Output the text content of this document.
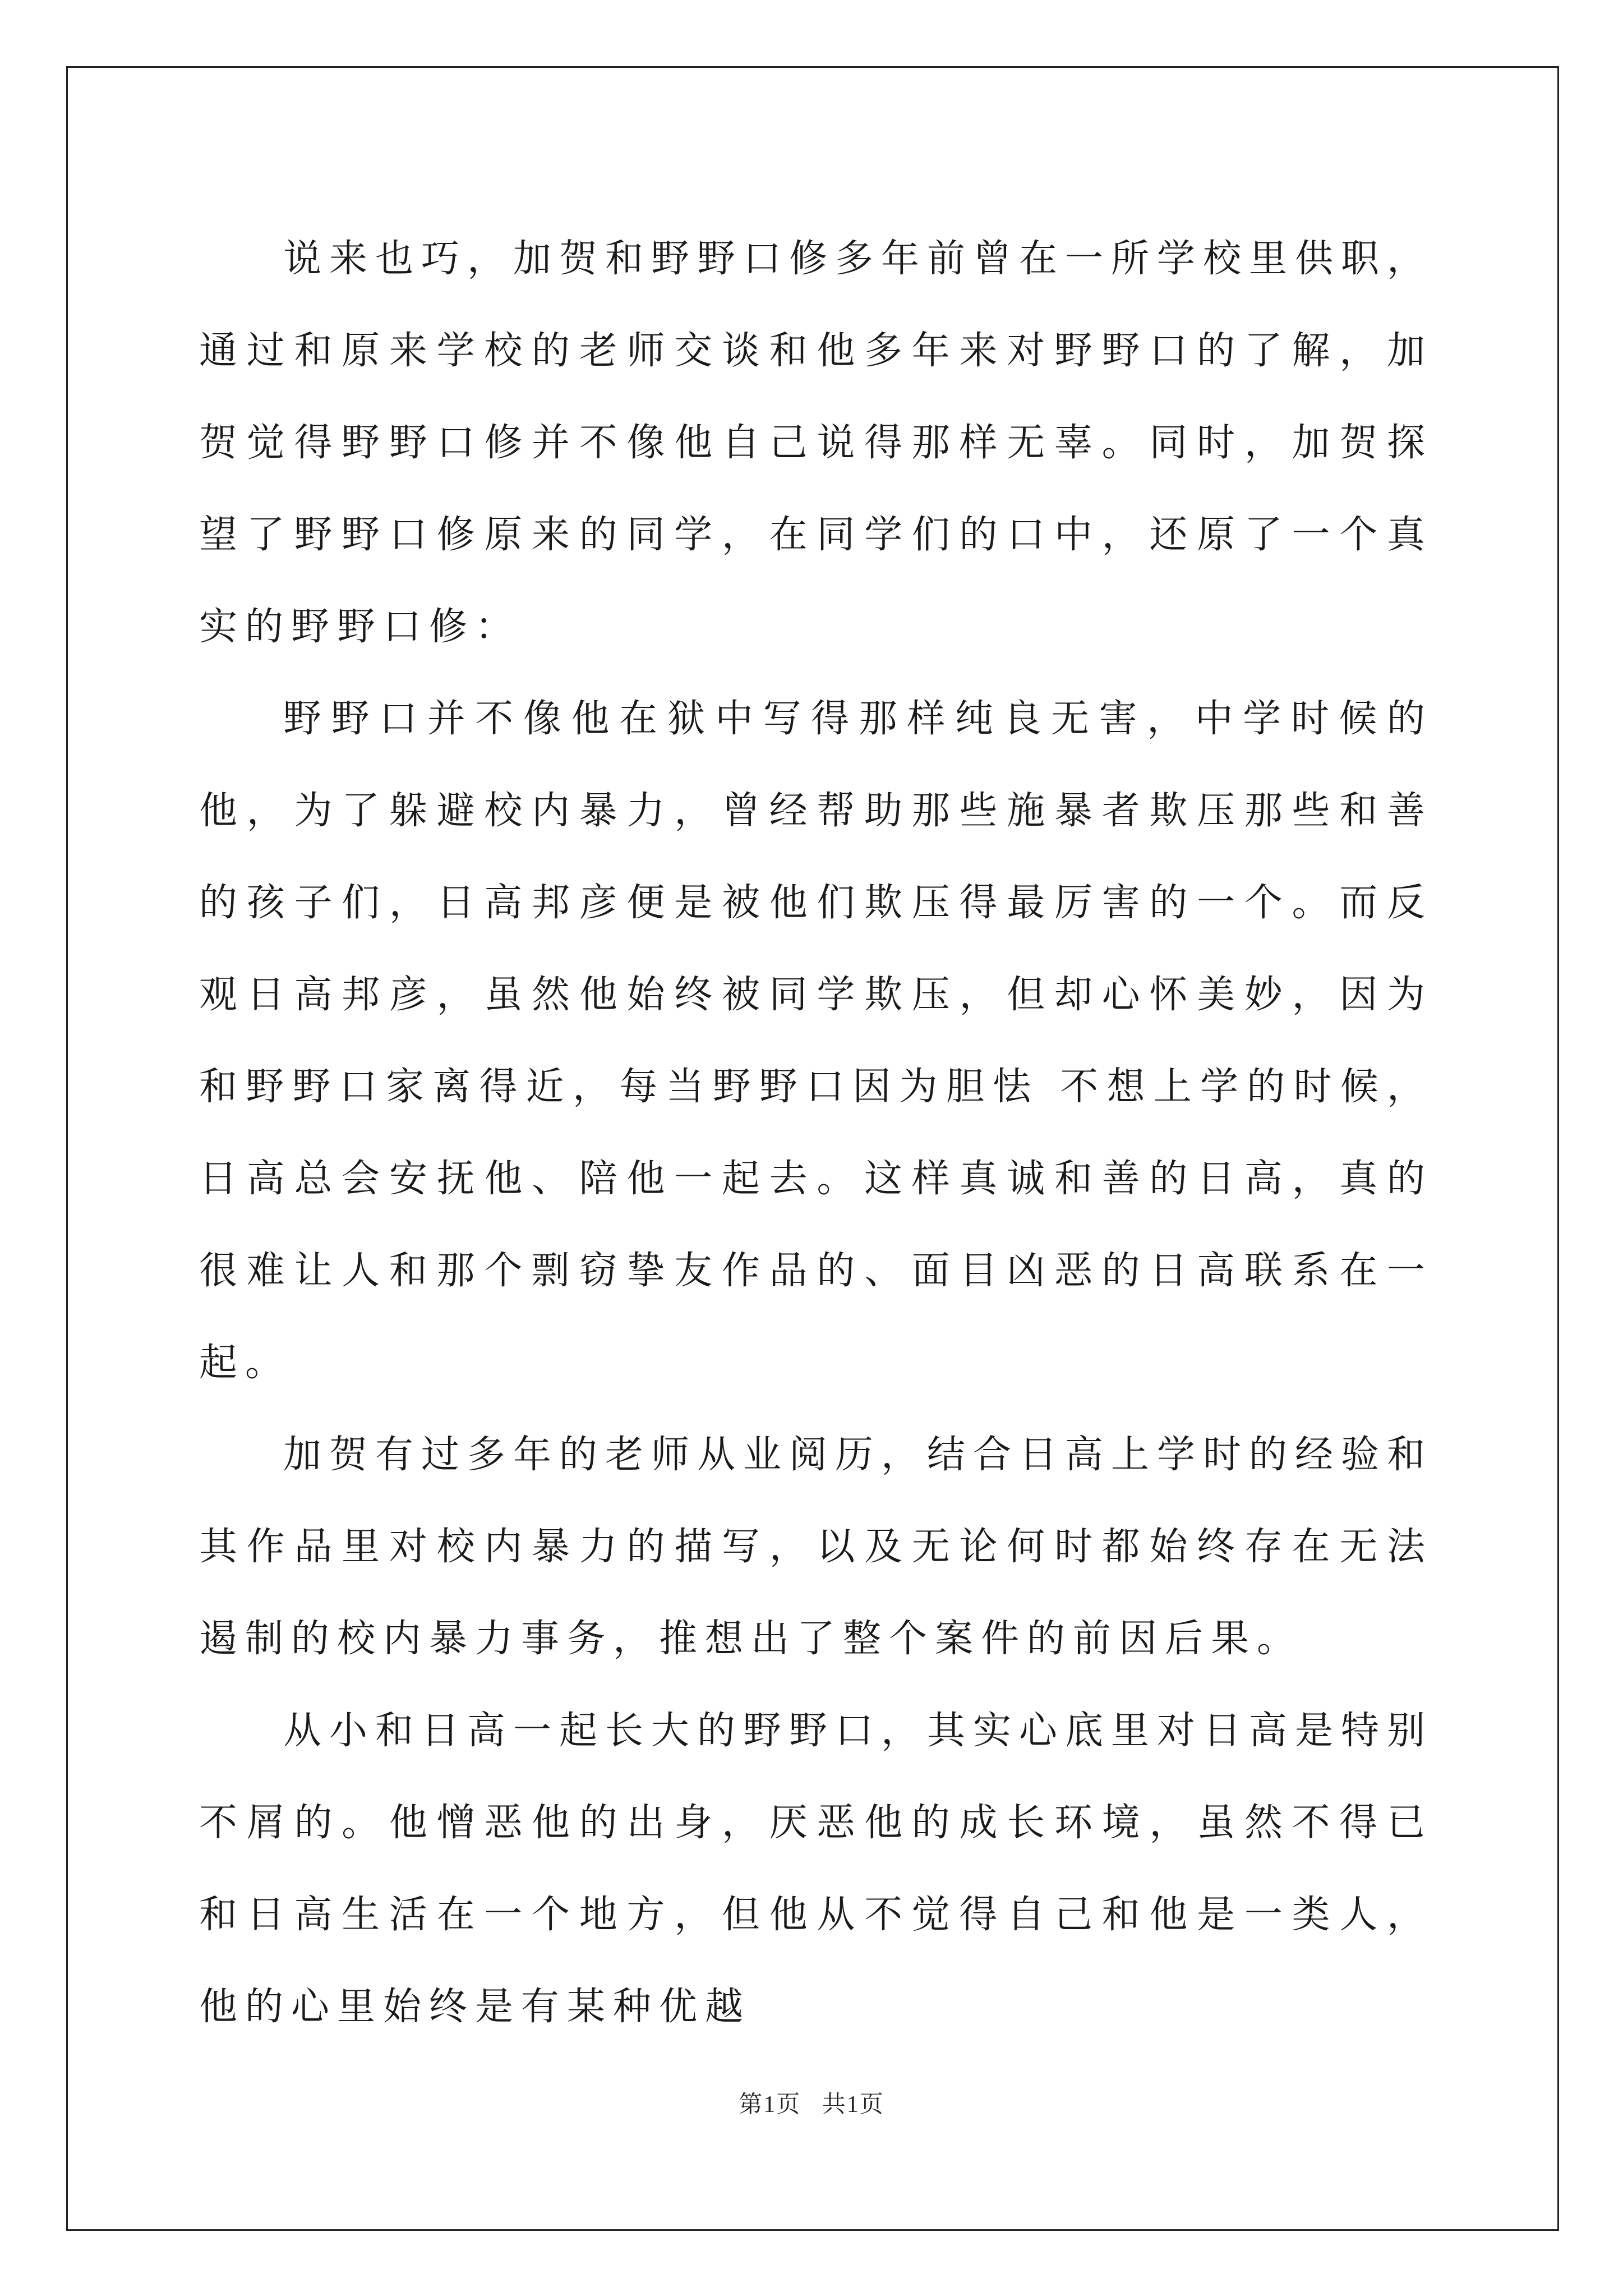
说来也巧，加贺和野野口修多年前曾在一所学校里供职，通过和原来学校的老师交谈和他多年来对野野口的了解，加贺觉得野野口修并不像他自己说得那样无辜。同时，加贺探望了野野口修原来的同学，在同学们的口中，还原了一个真实的野野口修：

野野口并不像他在狱中写得那样纯良无害，中学时候的他，为了躲避校内暴力，曾经帮助那些施暴者欺压那些和善的孩子们，日高邦彦便是被他们欺压得最厉害的一个。而反观日高邦彦，虽然他始终被同学欺压，但却心怀美妙，因为和野野口家离得近，每当野野口因为胆怯 不想上学的时候，日高总会安抚他、陪他一起去。这样真诚和善的日高，真的很难让人和那个剽窃挚友作品的、面目凶恶的日高联系在一起。

加贺有过多年的老师从业阅历，结合日高上学时的经验和其作品里对校内暴力的描写，以及无论何时都始终存在无法遏制的校内暴力事务，推想出了整个案件的前因后果。

从小和日高一起长大的野野口，其实心底里对日高是特别不屑的。他憎恶他的出身，厌恶他的成长环境，虽然不得已和日高生活在一个地方，但他从不觉得自己和他是一类人，他的心里始终是有某种优越

第1页 共1页
